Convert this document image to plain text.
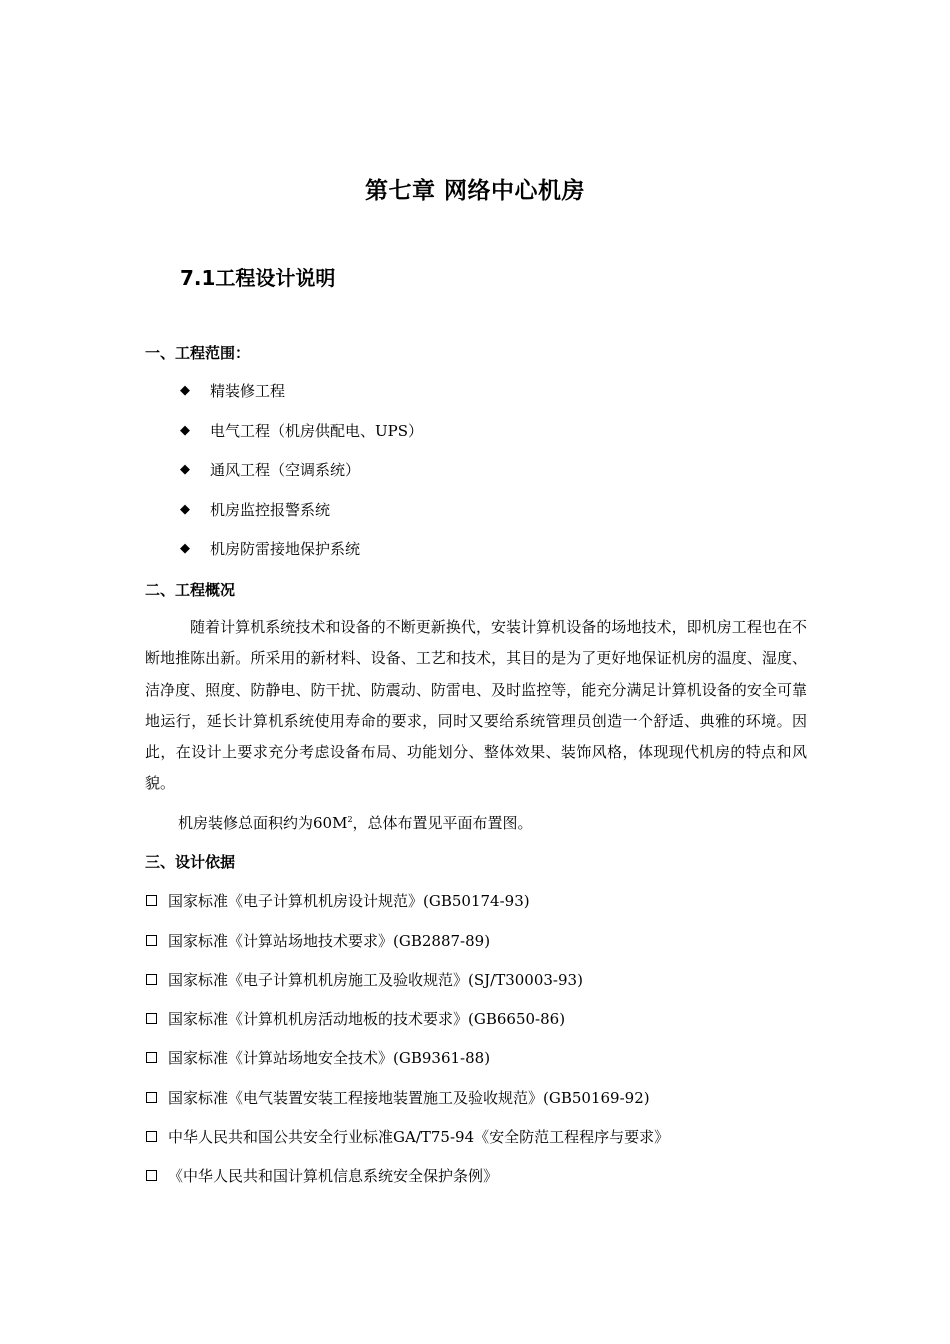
第七章 网络中心机房
7.1工程设计说明
一、工程范围：
◆ 精装修工程
◆ 电气工程（机房供配电、UPS）
◆ 通风工程（空调系统）
◆ 机房监控报警系统
◆ 机房防雷接地保护系统
二、工程概况

随着计算机系统技术和设备的不断更新换代，安装计算机设备的场地技术，即机房工程也在不断地推陈出新。所采用的新材料、设备、工艺和技术，其目的是为了更好地保证机房的温度、湿度、洁净度、照度、防静电、防干扰、防震动、防雷电、及时监控等，能充分满足计算机设备的安全可靠地运行，延长计算机系统使用寿命的要求，同时又要给系统管理员创造一个舒适、典雅的环境。因此，在设计上要求充分考虑设备布局、功能划分、整体效果、装饰风格，体现现代机房的特点和风貌。

机房装修总面积约为$60M^2$，总体布置见平面布置图。
三、设计依据
国家标准《电子计算机机房设计规范》(GB50174-93)
国家标准《计算站场地技术要求》(GB2887-89)
国家标准《电子计算机机房施工及验收规范》(SJ/T30003-93)
国家标准《计算机机房活动地板的技术要求》(GB6650-86)
国家标准《计算站场地安全技术》(GB9361-88)
国家标准《电气装置安装工程接地装置施工及验收规范》(GB50169-92)
中华人民共和国公共安全行业标准GA/T75-94《安全防范工程程序与要求》
《中华人民共和国计算机信息系统安全保护条例》
